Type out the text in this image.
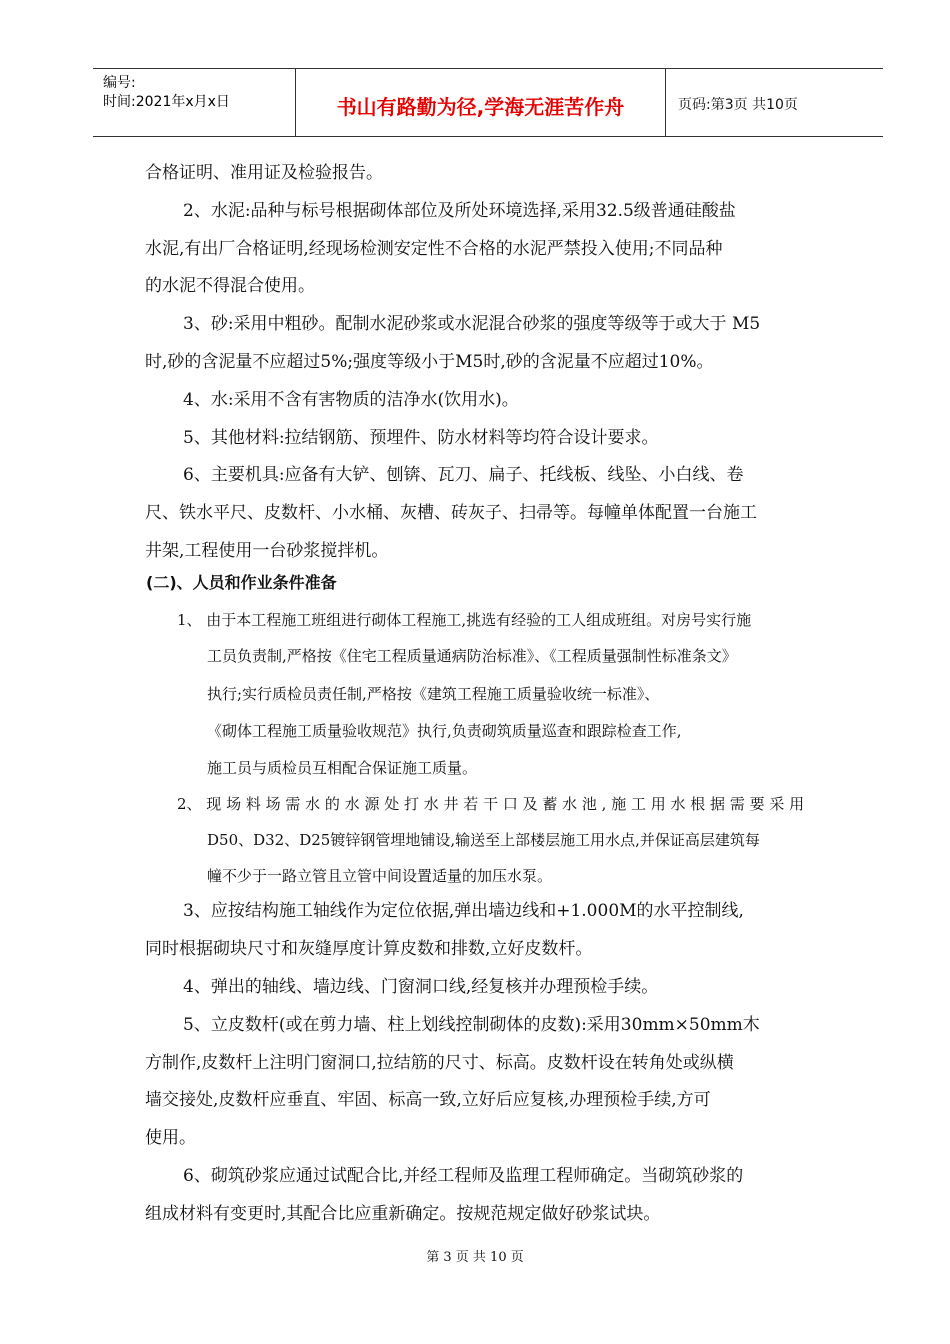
编号:
时间:2021年x月x日	书山有路勤为径,学海无涯苦作舟	页码:第3页 共10页
合格证明、准用证及检验报告。
2、水泥:品种与标号根据砌体部位及所处环境选择,采用32.5级普通硅酸盐
水泥,有出厂合格证明,经现场检测安定性不合格的水泥严禁投入使用;不同品种
的水泥不得混合使用。
3、砂:采用中粗砂。配制水泥砂浆或水泥混合砂浆的强度等级等于或大于 M5
时,砂的含泥量不应超过5%;强度等级小于M5时,砂的含泥量不应超过10%。
4、水:采用不含有害物质的洁净水(饮用水)。
5、其他材料:拉结钢筋、预埋件、防水材料等均符合设计要求。
6、主要机具:应备有大铲、刨锛、瓦刀、扁子、托线板、线坠、小白线、卷
尺、铁水平尺、皮数杆、小水桶、灰槽、砖灰子、扫帚等。每幢单体配置一台施工
井架,工程使用一台砂浆搅拌机。
(二)、人员和作业条件准备
1、 由于本工程施工班组进行砌体工程施工,挑选有经验的工人组成班组。对房号实行施
工员负责制,严格按《住宅工程质量通病防治标准》、《工程质量强制性标准条文》
执行;实行质检员责任制,严格按《建筑工程施工质量验收统一标准》、
《砌体工程施工质量验收规范》执行,负责砌筑质量巡查和跟踪检查工作,
施工员与质检员互相配合保证施工质量。
2、 现 场 料 场 需 水 的 水 源 处 打 水 井 若 干 口 及 蓄 水 池 , 施 工 用 水 根 据 需 要 采 用
D50、D32、D25镀锌钢管埋地铺设,输送至上部楼层施工用水点,并保证高层建筑每
幢不少于一路立管且立管中间设置适量的加压水泵。
3、应按结构施工轴线作为定位依据,弹出墙边线和+1.000M的水平控制线,
同时根据砌块尺寸和灰缝厚度计算皮数和排数,立好皮数杆。
4、弹出的轴线、墙边线、门窗洞口线,经复核并办理预检手续。
5、立皮数杆(或在剪力墙、柱上划线控制砌体的皮数):采用30mm×50mm木
方制作,皮数杆上注明门窗洞口,拉结筋的尺寸、标高。皮数杆设在转角处或纵横
墙交接处,皮数杆应垂直、牢固、标高一致,立好后应复核,办理预检手续,方可
使用。
6、砌筑砂浆应通过试配合比,并经工程师及监理工程师确定。当砌筑砂浆的
组成材料有变更时,其配合比应重新确定。按规范规定做好砂浆试块。
第 3 页 共 10 页
